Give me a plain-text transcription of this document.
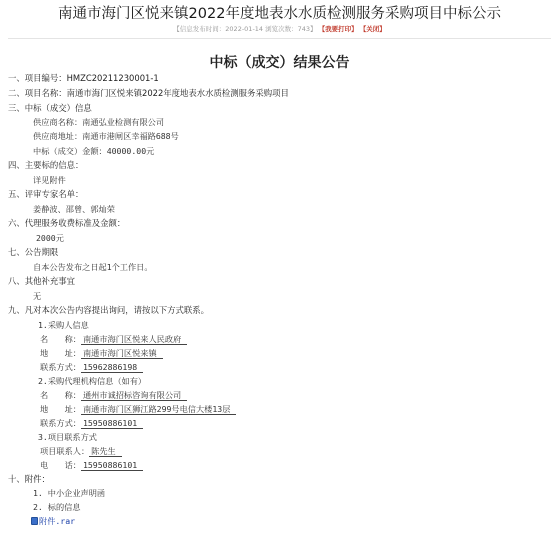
南通市海门区悦来镇2022年度地表水水质检测服务采购项目中标公示
【信息发布时间：2022-01-14 浏览次数：743】 【我要打印】 【关闭】
中标（成交）结果公告
一、项目编号：HMZC20211230001-1
二、项目名称：南通市海门区悦来镇2022年度地表水水质检测服务采购项目
三、中标（成交）信息
供应商名称：南通弘业检测有限公司
供应商地址：南通市港闸区幸福路688号
中标（成交）金额：40000.00元
四、主要标的信息：
详见附件
五、评审专家名单：
姜静波、邵曾、郭灿荣
六、代理服务收费标准及金额：
2000元
七、公告期限
自本公告发布之日起1个工作日。
八、其他补充事宜
无
九、凡对本次公告内容提出询问，请按以下方式联系。
1.采购人信息
名　　称： 南通市海门区悦来人民政府
地　　址： 南通市海门区悦来镇
联系方式： 15962886198
2.采购代理机构信息（如有）
名　　称： 通州市诚招标咨询有限公司
地　　址： 南通市海门区狮江路299号电信大楼13层
联系方式： 15950886101
3.项目联系方式
项目联系人： 陈先生
电　　话： 15950886101
十、附件：
1. 中小企业声明函
2. 标的信息
附件.rar
